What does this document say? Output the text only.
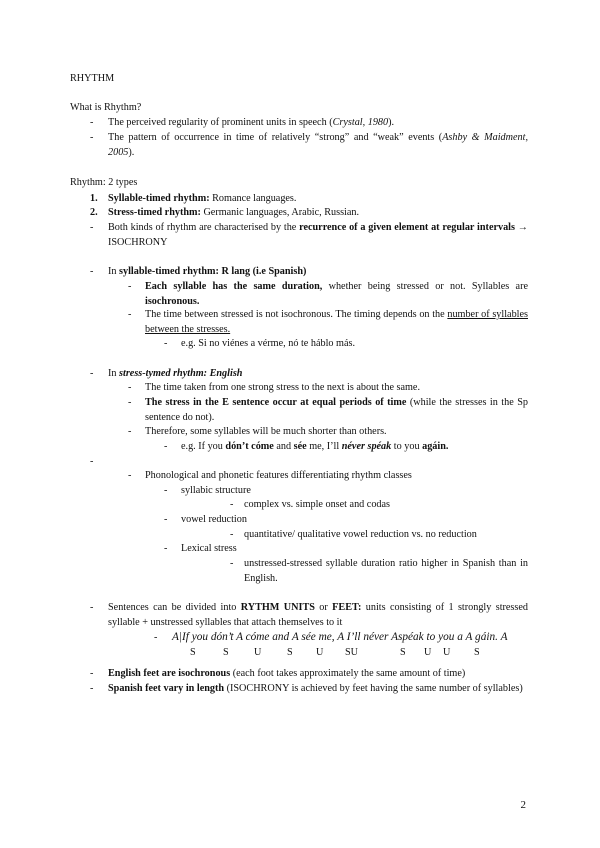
RHYTHM
What is Rhythm?
- The perceived regularity of prominent units in speech (Crystal, 1980).
- The pattern of occurrence in time of relatively “strong” and “weak” events (Ashby & Maidment, 2005).
Rhythm: 2 types
1. Syllable-timed rhythm: Romance languages.
2. Stress-timed rhythm: Germanic languages, Arabic, Russian.
- Both kinds of rhythm are characterised by the recurrence of a given element at regular intervals → ISOCHRONY
- In syllable-timed rhythm: R lang (i.e Spanish)
- Each syllable has the same duration, whether being stressed or not. Syllables are isochronous.
- The time between stressed is not isochronous. The timing depends on the number of syllables between the stresses.
- e.g. Si no viénes a vérme, nó te háblo más.
- In stress-tymed rhythm: English
- The time taken from one strong stress to the next is about the same.
- The stress in the E sentence occur at equal periods of time (while the stresses in the Sp sentence do not).
- Therefore, some syllables will be much shorter than others.
- e.g. If you dón’t cóme and sée me, I’ll néver spéak to you agáin.
-
- Phonological and phonetic features differentiating rhythm classes
- syllabic structure
- complex vs. simple onset and codas
- vowel reduction
- quantitative/ qualitative vowel reduction vs. no reduction
- Lexical stress
- unstressed-stressed syllable duration ratio higher in Spanish than in English.
- Sentences can be divided into RYTHM UNITS or FEET: units consisting of 1 strongly stressed syllable + unstressed syllables that attach themselves to it
- A|If you dón’t A cóme and A sée me, A I’ll néver Aspéak to you a A gáin. A
S	S U	S U SU	S U U S
- English feet are isochronous (each foot takes approximately the same amount of time)
- Spanish feet vary in length (ISOCHRONY is achieved by feet having the same number of syllables)
2
